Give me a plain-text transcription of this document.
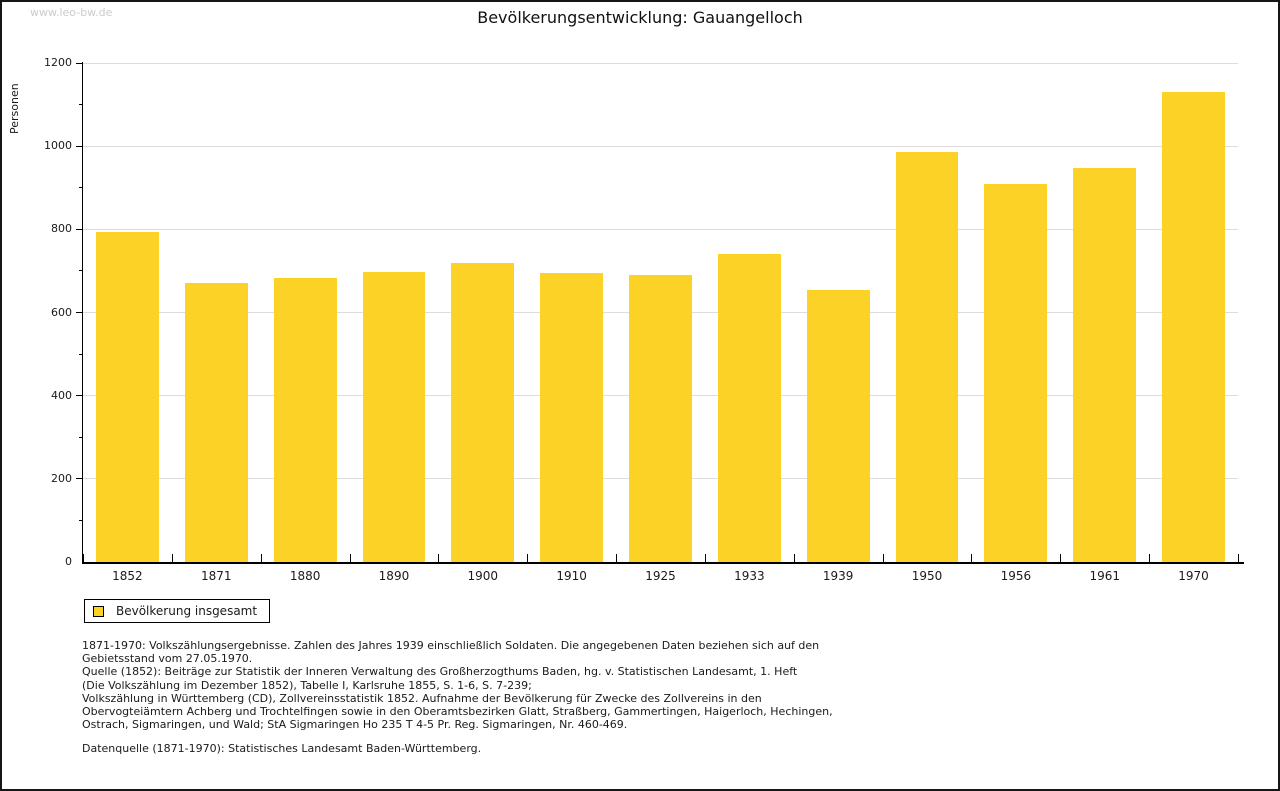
www.leo-bw.de	Bevölkerungsentwicklung: Gauangelloch
Personen
0
200
400
600
800
1000
1200
1852	1871	1880	1890	1900	1910	1925	1933	1939	1950	1956	1961	1970
Bevölkerung insgesamt
1871-1970: Volkszählungsergebnisse. Zahlen des Jahres 1939 einschließlich Soldaten. Die angegebenen Daten beziehen sich auf den
Gebietsstand vom 27.05.1970.
Quelle (1852): Beiträge zur Statistik der Inneren Verwaltung des Großherzogthums Baden, hg. v. Statistischen Landesamt, 1. Heft
(Die Volkszählung im Dezember 1852), Tabelle I, Karlsruhe 1855, S. 1-6, S. 7-239;
Volkszählung in Württemberg (CD), Zollvereinsstatistik 1852. Aufnahme der Bevölkerung für Zwecke des Zollvereins in den
Obervogteiämtern Achberg und Trochtelfingen sowie in den Oberamtsbezirken Glatt, Straßberg, Gammertingen, Haigerloch, Hechingen,
Ostrach, Sigmaringen, und Wald; StA Sigmaringen Ho 235 T 4-5 Pr. Reg. Sigmaringen, Nr. 460-469.
Datenquelle (1871-1970): Statistisches Landesamt Baden-Württemberg.
